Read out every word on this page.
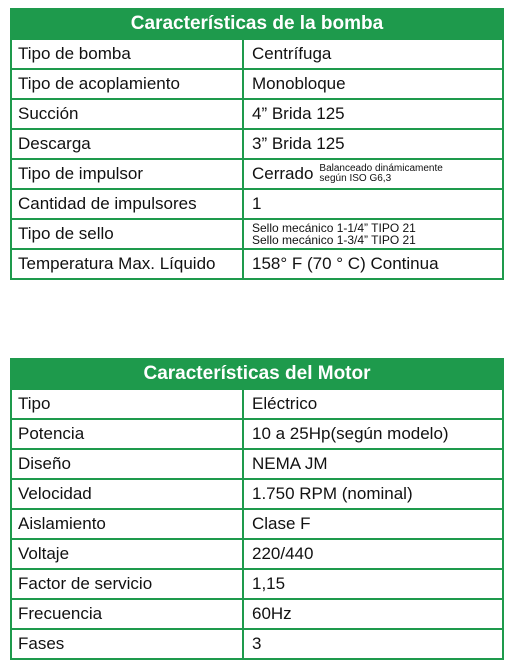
Características de la bomba
Tipo de bomba	Centrífuga
Tipo de acoplamiento	Monobloque
Succión	4” Brida 125
Descarga	3” Brida 125
Tipo de impulsor	Cerrado Balanceado dinámicamente
según ISO G6,3
Cantidad de impulsores	1
Tipo de sello	Sello mecánico 1-1/4” TIPO 21
Sello mecánico 1-3/4” TIPO 21
Temperatura Max. Líquido	158° F (70 ° C) Continua
Características del Motor
Tipo	Eléctrico
Potencia	10 a 25Hp(según modelo)
Diseño	NEMA JM
Velocidad	1.750 RPM (nominal)
Aislamiento	Clase F
Voltaje	220/440
Factor de servicio	1,15
Frecuencia	60Hz
Fases	3
